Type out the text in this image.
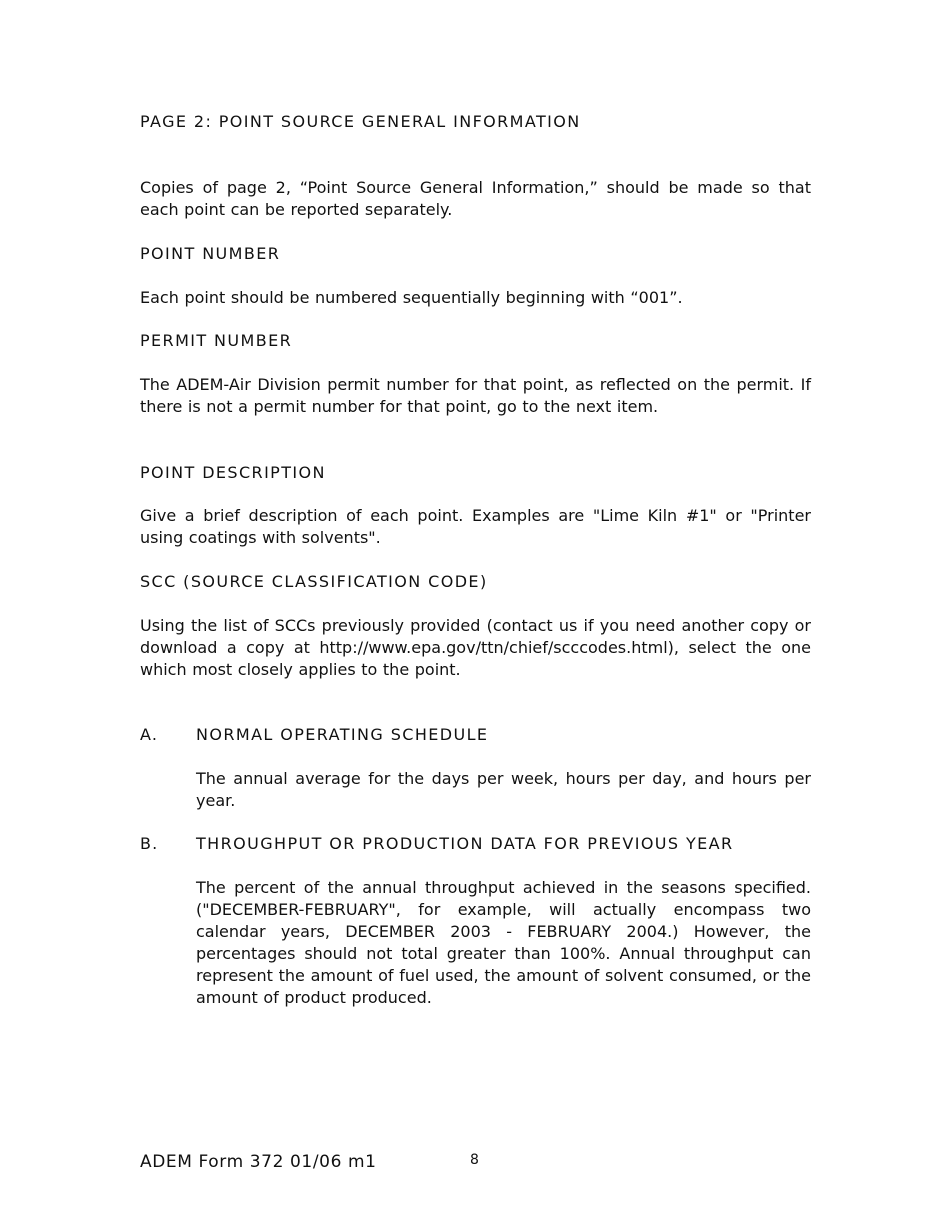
PAGE 2: POINT SOURCE GENERAL INFORMATION

Copies of page 2, “Point Source General Information,” should be made so that each point can be reported separately.

POINT NUMBER

Each point should be numbered sequentially beginning with “001”.

PERMIT NUMBER

The ADEM-Air Division permit number for that point, as reflected on the permit. If there is not a permit number for that point, go to the next item.

POINT DESCRIPTION

Give a brief description of each point. Examples are "Lime Kiln #1" or "Printer using coatings with solvents".

SCC (SOURCE CLASSIFICATION CODE)

Using the list of SCCs previously provided (contact us if you need another copy or download a copy at http://www.epa.gov/ttn/chief/scccodes.html), select the one which most closely applies to the point.

A. NORMAL OPERATING SCHEDULE

The annual average for the days per week, hours per day, and hours per year.

B. THROUGHPUT OR PRODUCTION DATA FOR PREVIOUS YEAR

The percent of the annual throughput achieved in the seasons specified. ("DECEMBER-FEBRUARY", for example, will actually encompass two calendar years, DECEMBER 2003 - FEBRUARY 2004.) However, the percentages should not total greater than 100%. Annual throughput can represent the amount of fuel used, the amount of solvent consumed, or the amount of product produced.

ADEM Form 372 01/06 m1	8
